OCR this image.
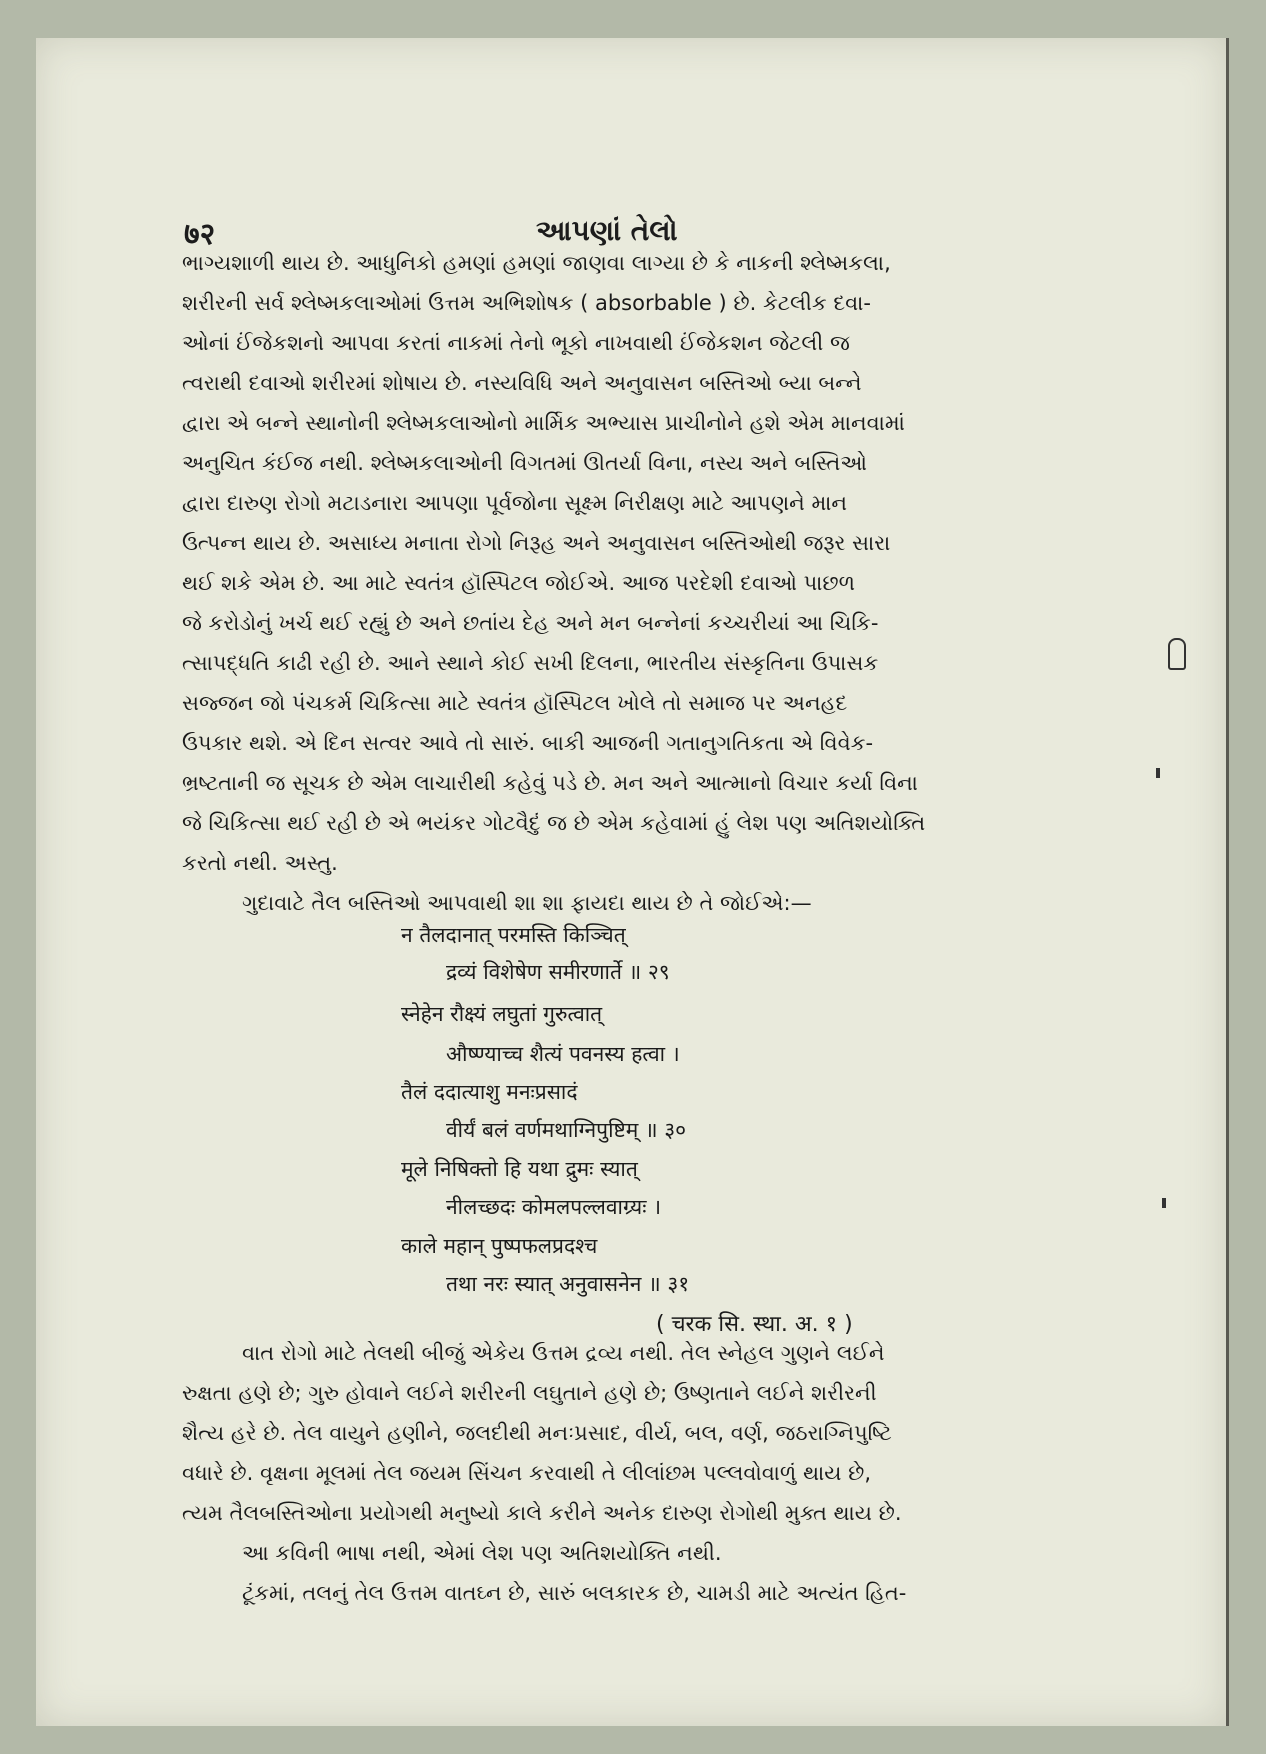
७२	આપણાં તેલો
ભાગ્યશાળી થાય છે. આધુનિકો હમણાં હમણાં જાણવા લાગ્યા છે કે નાકની શ્લેષ્મકલા,
શરીરની સર્વ શ્લેષ્મકલાઓમાં ઉત્તમ અભિશોષક ( absorbable ) છે. કેટલીક દવા-
ઓનાં ઈંજેકશનો આપવા કરતાં નાકમાં તેનો ભૂકો નાખવાથી ઈંજેકશન જેટલી જ
ત્વરાથી દવાઓ શરીરમાં શોષાય છે. નસ્યવિધિ અને અનુવાસન બસ્તિઓ બ્યા બન્ને
દ્વારા એ બન્ને સ્થાનોની શ્લેષ્મકલાઓનો માર્મિક અભ્યાસ પ્રાચીનોને હશે એમ માનવામાં
અનુચિત કંઈજ નથી. શ્લેષ્મકલાઓની વિગતમાં ઊતર્યા વિના, નસ્ય અને બસ્તિઓ
દ્વારા દારુણ રોગો મટાડનારા આપણા પૂર્વજોના સૂક્ષ્મ નિરીક્ષણ માટે આપણને માન
ઉત્પન્ન થાય છે. અસાધ્ય મનાતા રોગો નિરૂહ અને અનુવાસન બસ્તિઓથી જરૂર સારા
થઈ શકે એમ છે. આ માટે સ્વતંત્ર હૉસ્પિટલ જોઈએ. આજ પરદેશી દવાઓ પાછળ
જે કરોડોનું ખર્ચ થઈ રહ્યું છે અને છતાંય દેહ અને મન બન્નેનાં કચ્ચરીયાં આ ચિકિ-
ત્સાપદ્ધતિ કાઢી રહી છે. આને સ્થાને કોઈ સખી દિલના, ભારતીય સંસ્કૃતિના ઉપાસક
સજ્જન જો પંચકર્મ ચિકિત્સા માટે સ્વતંત્ર હૉસ્પિટલ ખોલે તો સમાજ પર અનહદ
ઉપકાર થશે. એ દિન સત્વર આવે તો સારું. બાકી આજની ગતાનુગતિકતા એ વિવેક-
ભ્રષ્ટતાની જ સૂચક છે એમ લાચારીથી કહેવું પડે છે. મન અને આત્માનો વિચાર કર્યા વિના
જે ચિકિત્સા થઈ રહી છે એ ભયંકર ગોટવૈદું જ છે એમ કહેવામાં હું લેશ પણ અતિશયોક્તિ
કરતો નથી. અસ્તુ.
ગુદાવાટે તૈલ બસ્તિઓ આપવાથી શા શા ફાયદા થાય છે તે જોઈએ:—
न तैलदानात् परमस्ति किञ्चित्
द्रव्यं विशेषेण समीरणार्ते ॥ २९
स्नेहेन रौक्ष्यं लघुतां गुरुत्वात्
औष्ण्याच्च शैत्यं पवनस्य हत्वा ।
तैलं ददात्याशु मनःप्रसादं
वीर्यं बलं वर्णमथाग्निपुष्टिम् ॥ ३०
मूले निषिक्तो हि यथा द्रुमः स्यात्
नीलच्छदः कोमलपल्लवाग्र्यः ।
काले महान् पुष्पफलप्रदश्च
तथा नरः स्यात् अनुवासनेन ॥ ३१
( चरक सि. स्था. अ. १ )
વાત રોગો માટે તેલથી બીજું એકેય ઉત્તમ દ્રવ્ય નથી. તેલ સ્નેહલ ગુણને લઈને
રુક્ષતા હણે છે; ગુરુ હોવાને લઈને શરીરની લઘુતાને હણે છે; ઉષ્ણતાને લઈને શરીરની
શૈત્ય હરે છે. તેલ વાયુને હણીને, જલદીથી મનઃપ્રસાદ, વીર્ય, બલ, વર્ણ, જઠરાગ્નિપુષ્ટિ
વધારે છે. વૃક્ષના મૂલમાં તેલ જયમ સિંચન કરવાથી તે લીલાંછમ પલ્લવોવાળું થાય છે,
ત્યમ તૈલબસ્તિઓના પ્રયોગથી મનુષ્યો કાલે કરીને અનેક દારુણ રોગોથી મુક્ત થાય છે.
આ કવિની ભાષા નથી, એમાં લેશ પણ અતિશયોક્તિ નથી.
ટૂંકમાં, તલનું તેલ ઉત્તમ વાતઘ્ન છે, સારું બલકારક છે, ચામડી માટે અત્યંત હિત-
